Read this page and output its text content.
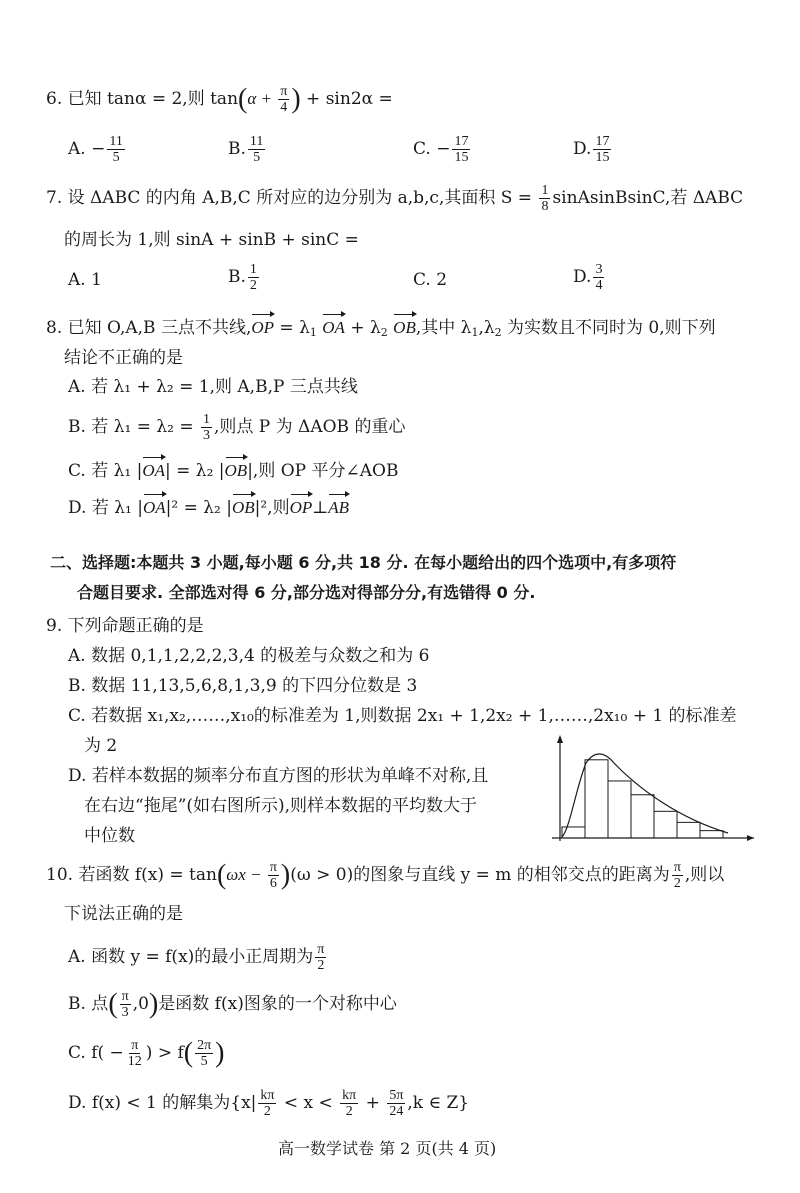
6. 已知 tanα = 2,则 $\tan(\alpha + \frac{\pi}{4}$ ) + sin2α =
A. − $\frac{11}{5}$	B. $\frac{11}{5}$	C. − $\frac{17}{15}$	D. $\frac{17}{15}$
7. 设 ΔABC 的内角 A,B,C 所对应的边分别为 a,b,c,其面积 $S = \frac{1}{8}$ sinAsinBsinC,若 ΔABC
的周长为 1,则 sinA + sinB + sinC =
A. 1	B. $\frac{1}{2}$	C. 2	D. $\frac{3}{4}$
8. 已知 O,A,B 三点不共线$,OP = \lambda_1$ OA + $\lambda_2$ OB,其中 $\lambda_1,\lambda_2$ 为实数且不同时为 0,则下列
结论不正确的是
A. 若 λ₁ + λ₂ = 1,则 A,B,P 三点共线
B. 若 $\lambda_1 = \lambda_2 = \frac{1}{3}$ ,则点 P 为 ΔAOB 的重心
C. 若 λ₁ |OA| = λ₂ |OB|,则 OP 平分∠AOB
D. 若 λ₁ |OA|² = λ₂ |OB|²,则OP⊥AB
二、选择题:本题共 3 小题,每小题 6 分,共 18 分. 在每小题给出的四个选项中,有多项符
合题目要求. 全部选对得 6 分,部分选对得部分分,有选错得 0 分.
9. 下列命题正确的是
A. 数据 0,1,1,2,2,2,3,4 的极差与众数之和为 6
B. 数据 11,13,5,6,8,1,3,9 的下四分位数是 3
C. 若数据 x₁,x₂,……,x₁₀的标准差为 1,则数据 2x₁ + 1,2x₂ + 1,……,2x₁₀ + 1 的标准差
为 2
D. 若样本数据的频率分布直方图的形状为单峰不对称,且
在右边“拖尾”(如右图所示),则样本数据的平均数大于
中位数
10. 若函数 $f(x) = \tan(\omega x - \frac{\pi}{6} )(\omega > 0)$的图象与直线 y = m 的相邻交点的距离为 $\frac{\pi}{2}$ ,则以
下说法正确的是
A. 函数 y = f(x)的最小正周期为 $\frac{\pi}{2}$
B. 点( $\frac{\pi}{3} ,0$)是函数 f(x)图象的一个对称中心
C. $f( - \frac{\pi}{12}$ ) > $f( \frac{2\pi}{5}$ )
D. f(x) < 1 的解集为{$x| \frac{k\pi}{2} < x < \frac{k\pi}{2} + \frac{5\pi}{24} ,k$ ∈ Z}
高一数学试卷 第 2 页(共 4 页)
